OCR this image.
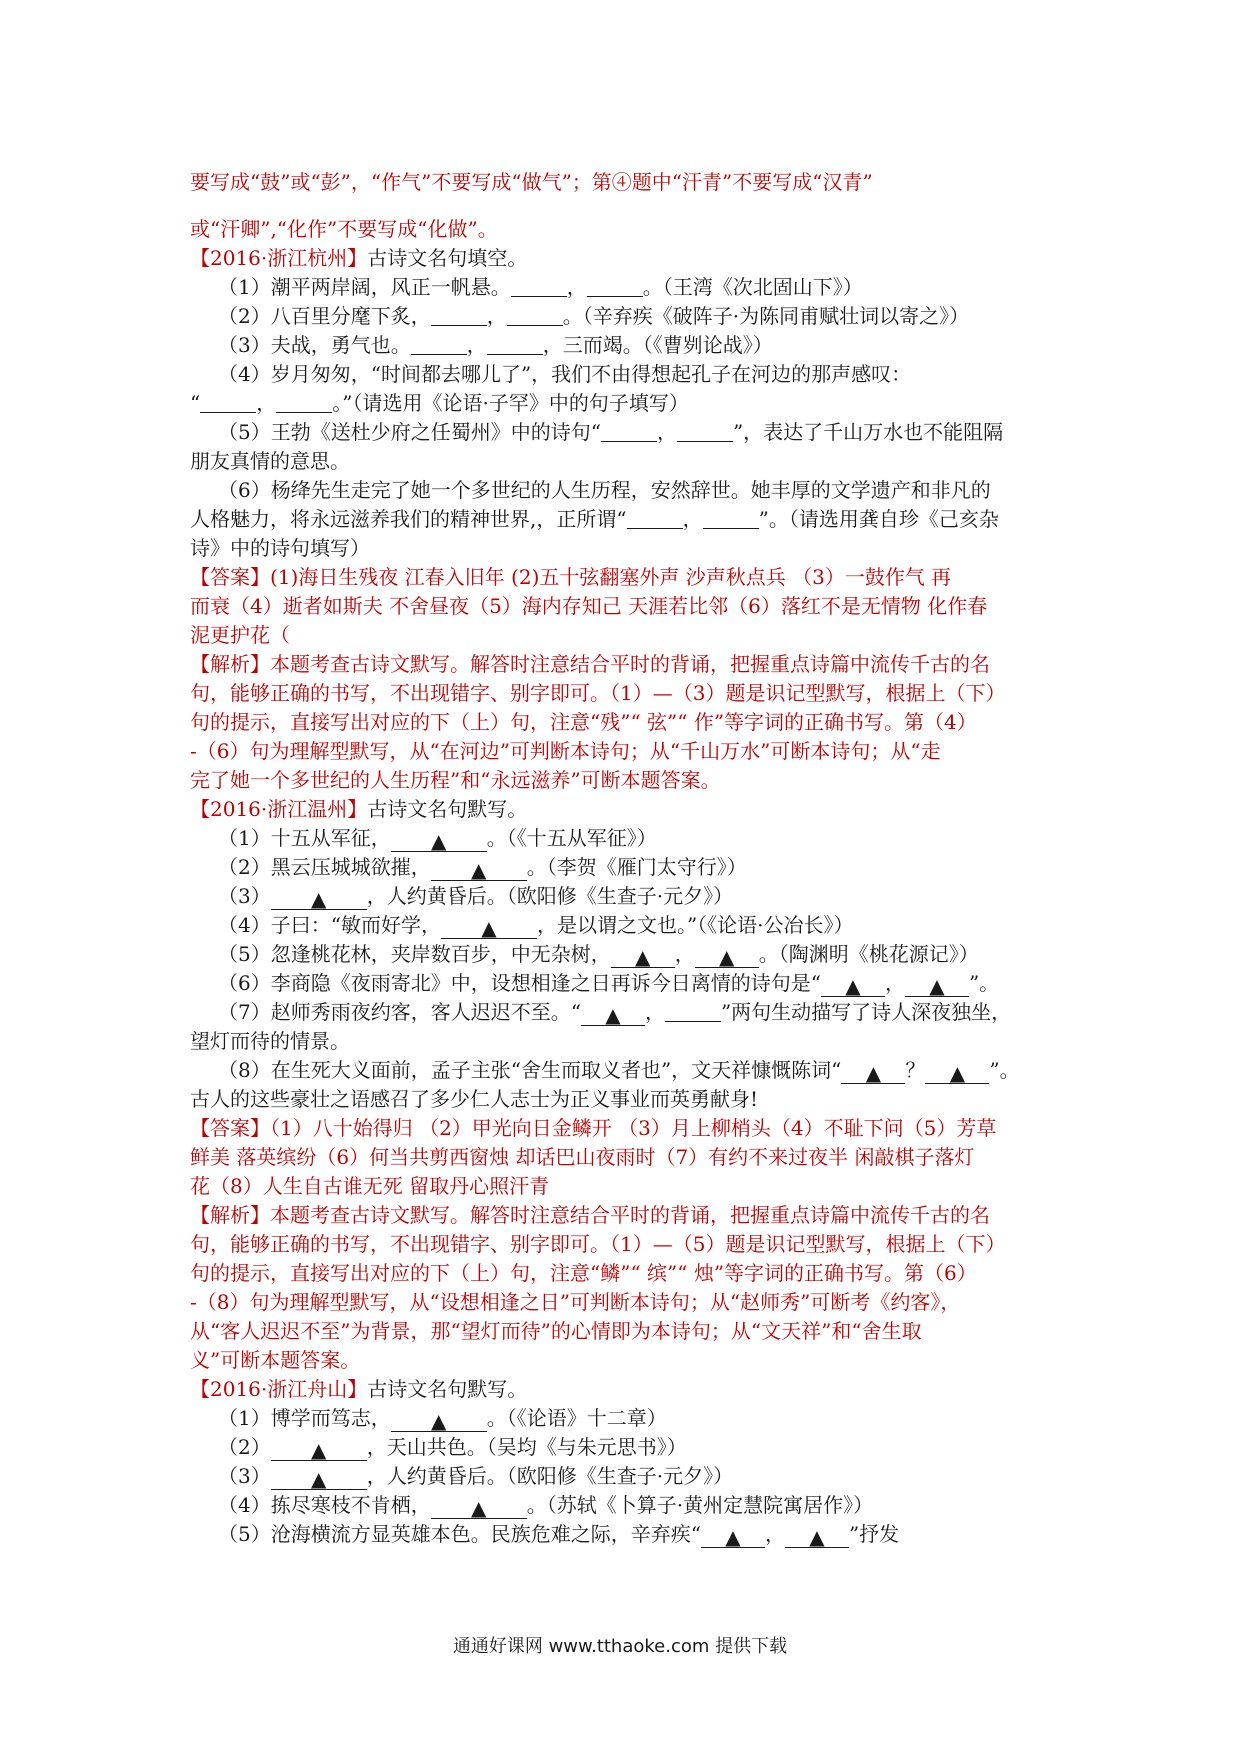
要写成“鼓”或“彭”，“作气”不要写成“做气”；第④题中“汗青”不要写成“汉青”

或“汗卿”,“化作”不要写成“化做”。

【2016·浙江杭州】古诗文名句填空。

（1）潮平两岸阔，风正一帆悬。	，	。（王湾《次北固山下》）

（2）八百里分麾下炙，	，	。（辛弃疾《破阵子·为陈同甫赋壮词以寄之》）

（3）夫战，勇气也。	，	，三而竭。（《曹刿论战》）

（4）岁月匆匆，“时间都去哪儿了”，我们不由得想起孔子在河边的那声感叹：

“	，	。”（请选用《论语·子罕》中的句子填写）

（5）王勃《送杜少府之任蜀州》中的诗句“	，	”，表达了千山万水也不能阻隔

朋友真情的意思。

（6）杨绛先生走完了她一个多世纪的人生历程，安然辞世。她丰厚的文学遗产和非凡的

人格魅力，将永远滋养我们的精神世界,，正所谓“	，	”。（请选用龚自珍《己亥杂

诗》中的诗句填写）

【答案】(1)海日生残夜 江春入旧年 (2)五十弦翻塞外声 沙声秋点兵 （3）一鼓作气 再

而衰（4）逝者如斯夫 不舍昼夜（5）海内存知己 天涯若比邻（6）落红不是无情物 化作春

泥更护花（

【解析】本题考查古诗文默写。解答时注意结合平时的背诵，把握重点诗篇中流传千古的名

句，能够正确的书写，不出现错字、别字即可。（1）—（3）题是识记型默写，根据上（下）

句的提示，直接写出对应的下（上）句，注意“残”“ 弦”“ 作”等字词的正确书写。第（4）

-（6）句为理解型默写，从“在河边”可判断本诗句；从“千山万水”可断本诗句；从“走

完了她一个多世纪的人生历程”和“永远滋养”可断本题答案。

【2016·浙江温州】古诗文名句默写。

（1）十五从军征， ▲ 。（《十五从军征》）

（2）黑云压城城欲摧， ▲ 。（李贺《雁门太守行》）

（3） ▲ ，人约黄昏后。（欧阳修《生查子·元夕》）

（4）子曰：“敏而好学， ▲ ，是以谓之文也。”（《论语·公冶长》）

（5）忽逢桃花林，夹岸数百步，中无杂树， ▲ ， ▲ 。（陶渊明《桃花源记》）

（6）李商隐《夜雨寄北》中，设想相逢之日再诉今日离情的诗句是“ ▲ ， ▲ ”。

（7）赵师秀雨夜约客，客人迟迟不至。“ ▲ ，	”两句生动描写了诗人深夜独坐，

望灯而待的情景。

（8）在生死大义面前，孟子主张“舍生而取义者也”，文天祥慷慨陈词“ ▲ ？ ▲ ”。

古人的这些豪壮之语感召了多少仁人志士为正义事业而英勇献身!

【答案】（1）八十始得归 （2）甲光向日金鳞开 （3）月上柳梢头（4）不耻下问（5）芳草

鲜美 落英缤纷（6）何当共剪西窗烛 却话巴山夜雨时（7）有约不来过夜半 闲敲棋子落灯

花（8）人生自古谁无死 留取丹心照汗青

【解析】本题考查古诗文默写。解答时注意结合平时的背诵，把握重点诗篇中流传千古的名

句，能够正确的书写，不出现错字、别字即可。（1）—（5）题是识记型默写，根据上（下）

句的提示，直接写出对应的下（上）句，注意“鳞”“ 缤”“ 烛”等字词的正确书写。第（6）

-（8）句为理解型默写，从“设想相逢之日”可判断本诗句；从“赵师秀”可断考《约客》，

从“客人迟迟不至”为背景，那“望灯而待”的心情即为本诗句；从“文天祥”和“舍生取

义”可断本题答案。

【2016·浙江舟山】古诗文名句默写。

（1）博学而笃志， ▲ 。（《论语》十二章）

（2） ▲ ，天山共色。（吴均《与朱元思书》）

（3） ▲ ，人约黄昏后。（欧阳修《生查子·元夕》）

（4）拣尽寒枝不肯栖， ▲ 。（苏轼《卜算子·黄州定慧院寓居作》）

（5）沧海横流方显英雄本色。民族危难之际，辛弃疾“ ▲ ， ▲ ”抒发

通通好课网 www.tthaoke.com 提供下载
